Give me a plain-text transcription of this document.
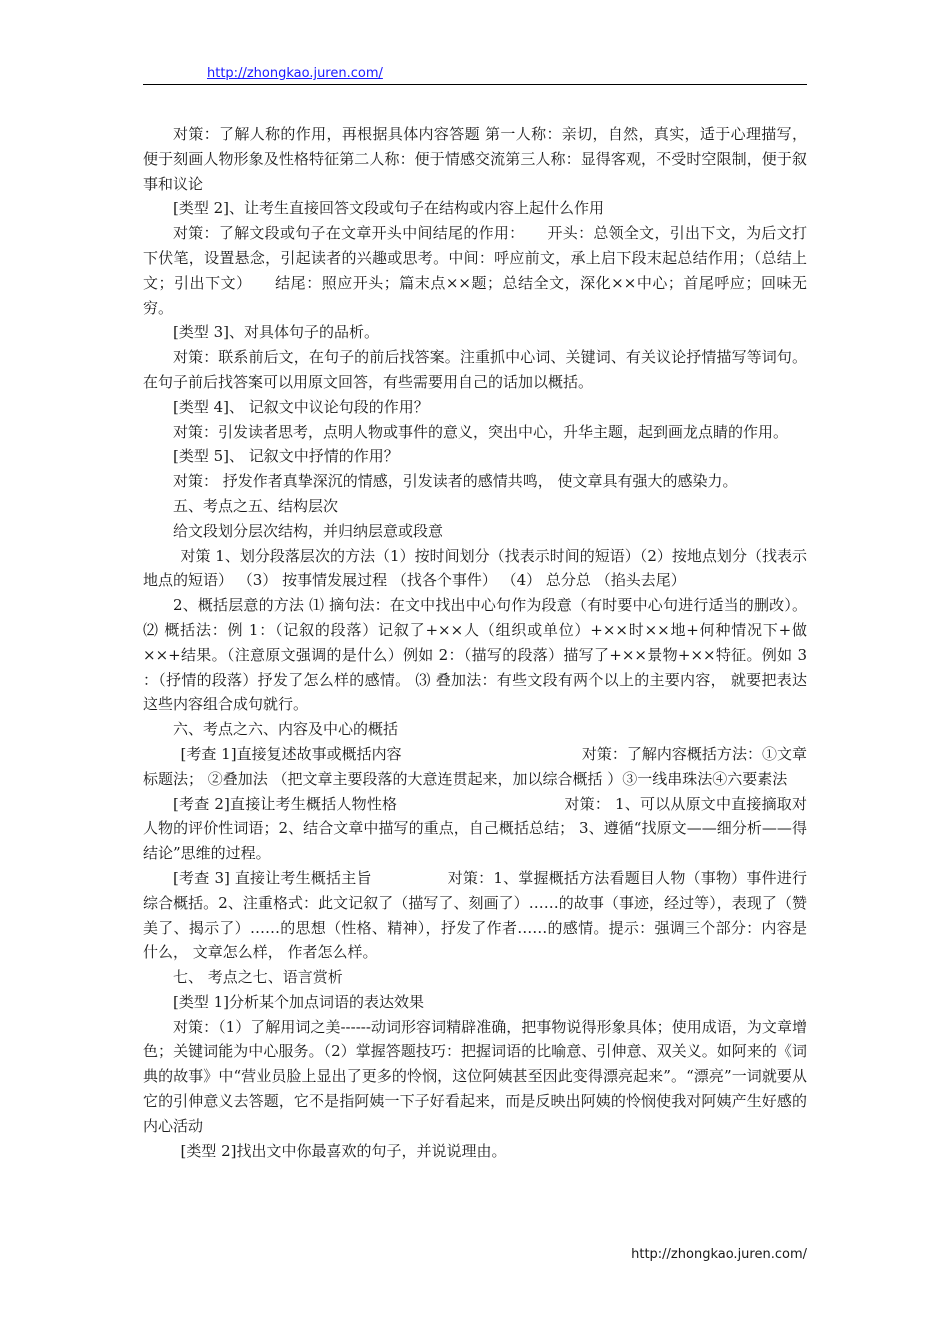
http://zhongkao.juren.com/

对策：了解人称的作用，再根据具体内容答题 第一人称：亲切，自然，真实，适于心理描写，便于刻画人物形象及性格特征第二人称：便于情感交流第三人称：显得客观，不受时空限制，便于叙事和议论

[类型 2]、让考生直接回答文段或句子在结构或内容上起什么作用

对策：了解文段或句子在文章开头中间结尾的作用：　　开头：总领全文，引出下文，为后文打下伏笔，设置悬念，引起读者的兴趣或思考。中间：呼应前文，承上启下段末起总结作用；（总结上文；引出下文）　　结尾：照应开头；篇末点××题；总结全文，深化××中心；首尾呼应；回味无穷。

[类型 3]、对具体句子的品析。

对策：联系前后文，在句子的前后找答案。注重抓中心词、关键词、有关议论抒情描写等词句。在句子前后找答案可以用原文回答，有些需要用自己的话加以概括。

[类型 4]、 记叙文中议论句段的作用？

对策：引发读者思考，点明人物或事件的意义，突出中心，升华主题，起到画龙点睛的作用。

[类型 5]、 记叙文中抒情的作用？

对策： 抒发作者真挚深沉的情感，引发读者的感情共鸣， 使文章具有强大的感染力。

五、考点之五、结构层次

给文段划分层次结构，并归纳层意或段意

对策 1、划分段落层次的方法（1）按时间划分（找表示时间的短语）（2）按地点划分（找表示地点的短语） （3） 按事情发展过程 （找各个事件） （4） 总分总 （掐头去尾）

2、概括层意的方法 ⑴ 摘句法：在文中找出中心句作为段意（有时要中心句进行适当的删改）。 ⑵ 概括法：例 1：（记叙的段落）记叙了+××人（组织或单位）+××时××地+何种情况下+做××+结果。（注意原文强调的是什么）例如 2：（描写的段落）描写了+××景物+××特征。例如 3 ：（抒情的段落）抒发了怎么样的感情。 ⑶ 叠加法：有些文段有两个以上的主要内容， 就要把表达这些内容组合成句就行。

六、考点之六、内容及中心的概括

[考查 1]直接复述故事或概括内容　　　　　　　　　　　　对策：了解内容概括方法：①文章标题法； ②叠加法 （把文章主要段落的大意连贯起来，加以综合概括 ）③一线串珠法④六要素法

[考查 2]直接让考生概括人物性格　　　　　　　　　　　对策： 1、可以从原文中直接摘取对人物的评价性词语；2、结合文章中描写的重点，自己概括总结； 3、遵循“找原文——细分析——得结论”思维的过程。

[考查 3] 直接让考生概括主旨　　　　　对策：1、掌握概括方法看题目人物（事物）事件进行综合概括。2、注重格式：此文记叙了（描写了、刻画了）……的故事（事迹，经过等），表现了（赞美了、揭示了）……的思想（性格、精神），抒发了作者……的感情。提示：强调三个部分：内容是什么， 文章怎么样， 作者怎么样。

七、 考点之七、语言赏析

[类型 1]分析某个加点词语的表达效果

对策：（1）了解用词之美------动词形容词精辟准确，把事物说得形象具体；使用成语，为文章增色；关键词能为中心服务。（2）掌握答题技巧：把握词语的比喻意、引伸意、双关义。如阿来的《词典的故事》中“营业员脸上显出了更多的怜悯，这位阿姨甚至因此变得漂亮起来”。“漂亮”一词就要从它的引伸意义去答题，它不是指阿姨一下子好看起来，而是反映出阿姨的怜悯使我对阿姨产生好感的内心活动

[类型 2]找出文中你最喜欢的句子，并说说理由。

http://zhongkao.juren.com/
